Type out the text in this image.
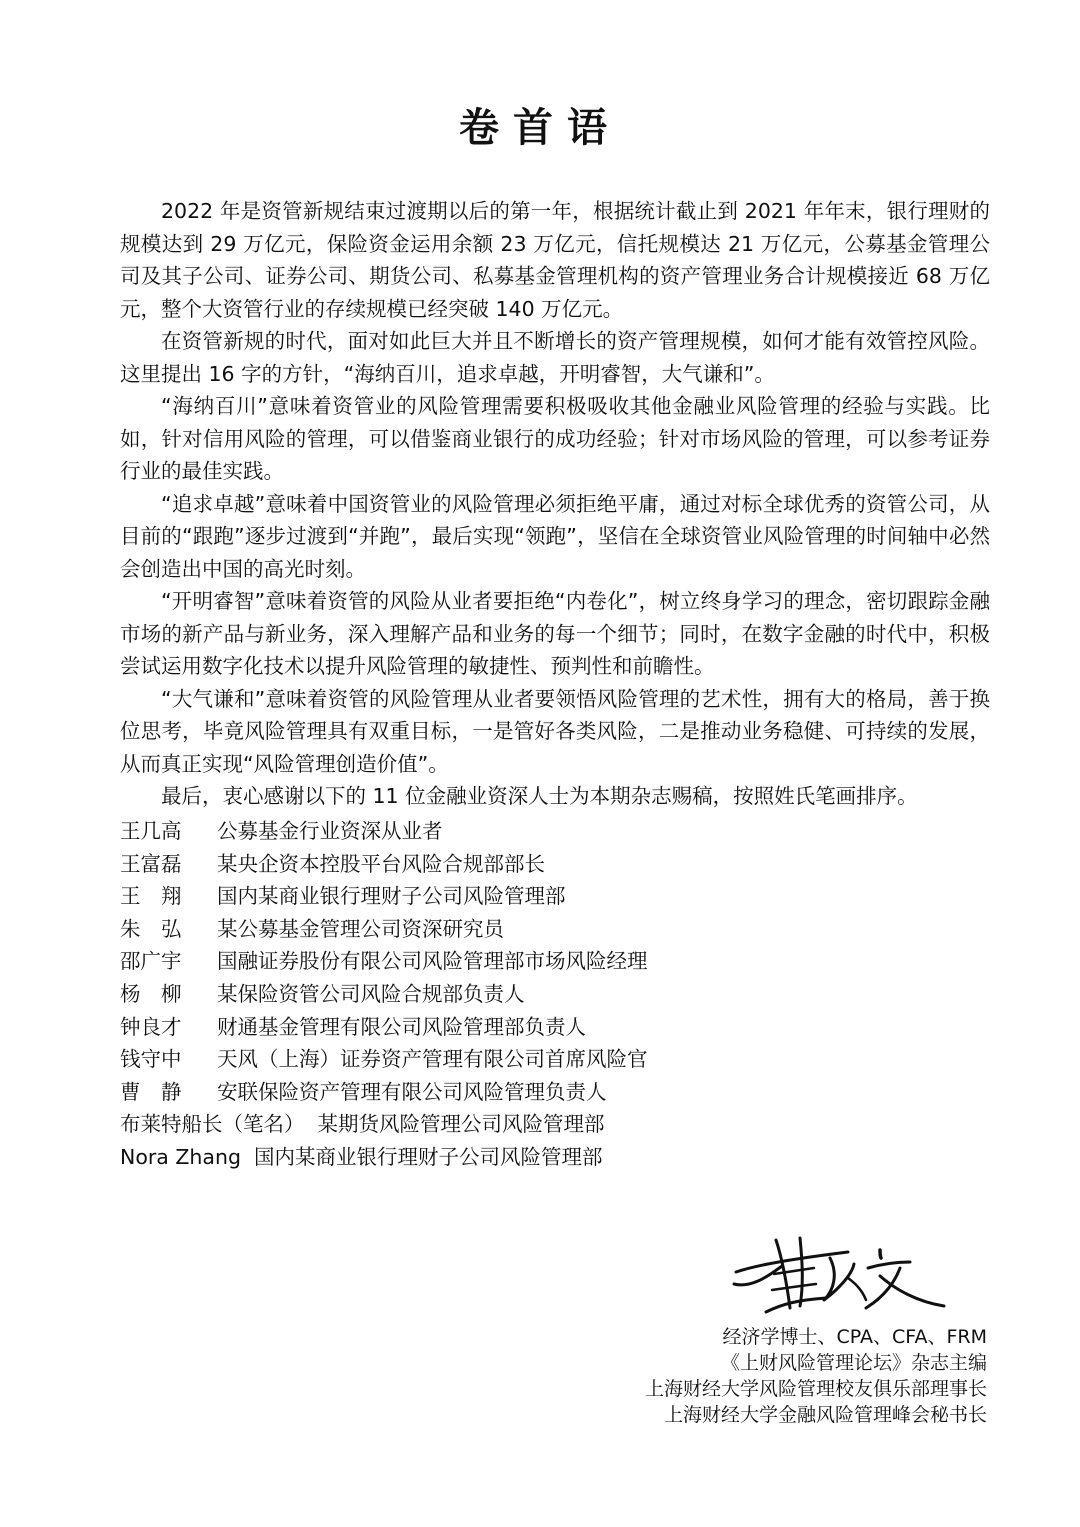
卷首语

2022 年是资管新规结束过渡期以后的第一年，根据统计截止到 2021 年年末，银行理财的规模达到 29 万亿元，保险资金运用余额 23 万亿元，信托规模达 21 万亿元，公募基金管理公司及其子公司、证券公司、期货公司、私募基金管理机构的资产管理业务合计规模接近 68 万亿元，整个大资管行业的存续规模已经突破 140 万亿元。

在资管新规的时代，面对如此巨大并且不断增长的资产管理规模，如何才能有效管控风险。这里提出 16 字的方针，“海纳百川，追求卓越，开明睿智，大气谦和”。

“海纳百川”意味着资管业的风险管理需要积极吸收其他金融业风险管理的经验与实践。比如，针对信用风险的管理，可以借鉴商业银行的成功经验；针对市场风险的管理，可以参考证券行业的最佳实践。

“追求卓越”意味着中国资管业的风险管理必须拒绝平庸，通过对标全球优秀的资管公司，从目前的“跟跑”逐步过渡到“并跑”，最后实现“领跑”，坚信在全球资管业风险管理的时间轴中必然会创造出中国的高光时刻。

“开明睿智”意味着资管的风险从业者要拒绝“内卷化”，树立终身学习的理念，密切跟踪金融市场的新产品与新业务，深入理解产品和业务的每一个细节；同时，在数字金融的时代中，积极尝试运用数字化技术以提升风险管理的敏捷性、预判性和前瞻性。

“大气谦和”意味着资管的风险管理从业者要领悟风险管理的艺术性，拥有大的格局，善于换位思考，毕竟风险管理具有双重目标，一是管好各类风险，二是推动业务稳健、可持续的发展，从而真正实现“风险管理创造价值”。

最后，衷心感谢以下的 11 位金融业资深人士为本期杂志赐稿，按照姓氏笔画排序。

王几高 公募基金行业资深从业者
王富磊 某央企资本控股平台风险合规部部长
王　翔 国内某商业银行理财子公司风险管理部
朱　弘 某公募基金管理公司资深研究员
邵广宇 国融证券股份有限公司风险管理部市场风险经理
杨　柳 某保险资管公司风险合规部负责人
钟良才 财通基金管理有限公司风险管理部负责人
钱守中 天风（上海）证券资产管理有限公司首席风险官
曹　静 安联保险资产管理有限公司风险管理负责人
布莱特船长（笔名） 某期货风险管理公司风险管理部
Nora Zhang 国内某商业银行理财子公司风险管理部
经济学博士、CPA、CFA、FRM
《上财风险管理论坛》杂志主编
上海财经大学风险管理校友俱乐部理事长
上海财经大学金融风险管理峰会秘书长
